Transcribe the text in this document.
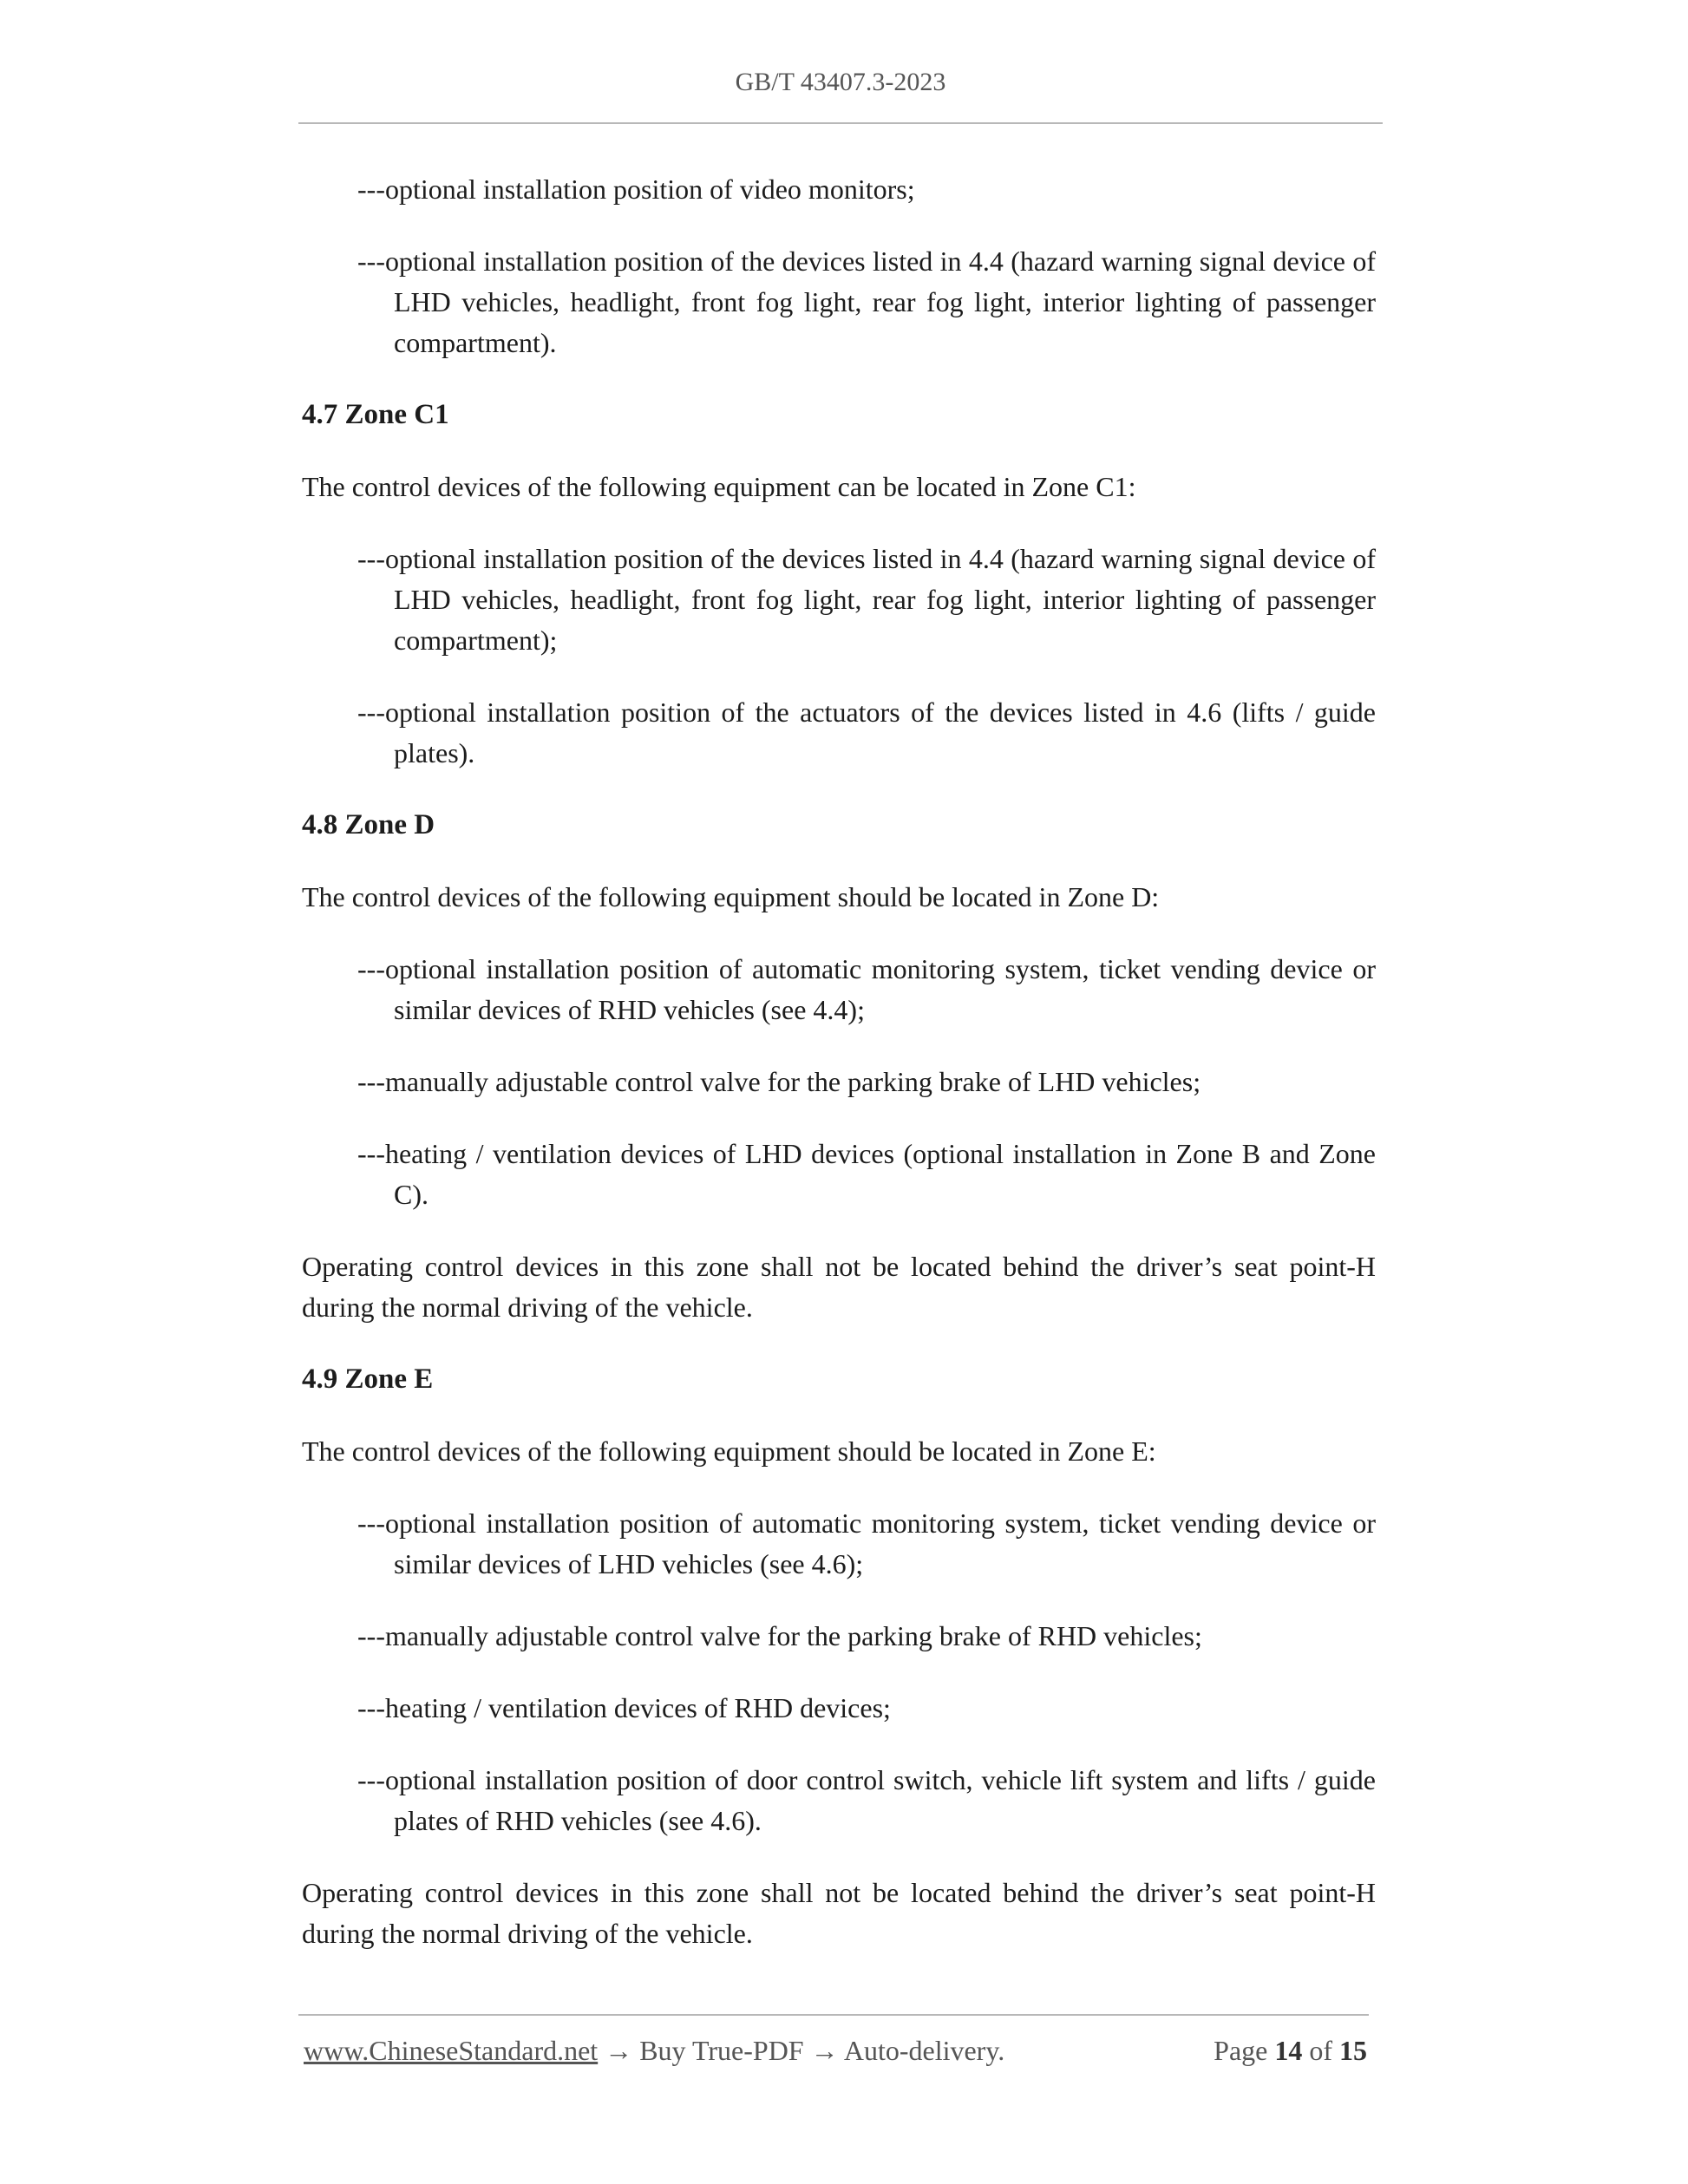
GB/T 43407.3-2023
---optional installation position of video monitors;
---optional installation position of the devices listed in 4.4 (hazard warning signal device of LHD vehicles, headlight, front fog light, rear fog light, interior lighting of passenger compartment).
4.7 Zone C1
The control devices of the following equipment can be located in Zone C1:
---optional installation position of the devices listed in 4.4 (hazard warning signal device of LHD vehicles, headlight, front fog light, rear fog light, interior lighting of passenger compartment);
---optional installation position of the actuators of the devices listed in 4.6 (lifts / guide plates).
4.8 Zone D
The control devices of the following equipment should be located in Zone D:
---optional installation position of automatic monitoring system, ticket vending device or similar devices of RHD vehicles (see 4.4);
---manually adjustable control valve for the parking brake of LHD vehicles;
---heating / ventilation devices of LHD devices (optional installation in Zone B and Zone C).
Operating control devices in this zone shall not be located behind the driver’s seat point-H during the normal driving of the vehicle.
4.9 Zone E
The control devices of the following equipment should be located in Zone E:
---optional installation position of automatic monitoring system, ticket vending device or similar devices of LHD vehicles (see 4.6);
---manually adjustable control valve for the parking brake of RHD vehicles;
---heating / ventilation devices of RHD devices;
---optional installation position of door control switch, vehicle lift system and lifts / guide plates of RHD vehicles (see 4.6).
Operating control devices in this zone shall not be located behind the driver’s seat point-H during the normal driving of the vehicle.
www.ChineseStandard.net → Buy True-PDF → Auto-delivery.	Page 14 of 15
